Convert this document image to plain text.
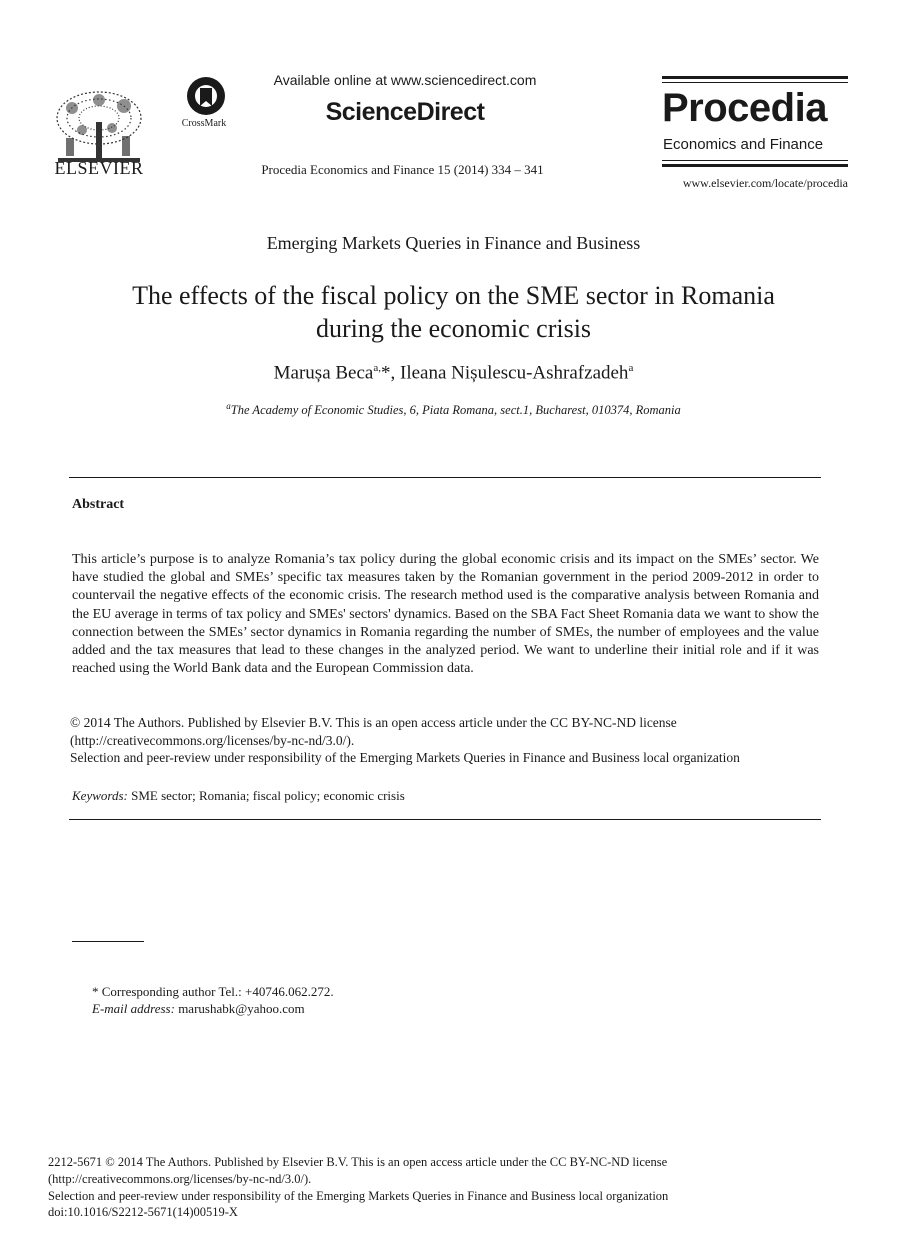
ELSEVIER
CrossMark
Available online at www.sciencedirect.com
ScienceDirect
Procedia Economics and Finance 15 (2014) 334 – 341
Procedia
Economics and Finance
www.elsevier.com/locate/procedia
Emerging Markets Queries in Finance and Business
The effects of the fiscal policy on the SME sector in Romania
during the economic crisis
Marușa Beca$^{a,}$*, Ileana Nișulescu-Ashrafzadeh$^a$
$^a$The Academy of Economic Studies, 6, Piata Romana, sect.1, Bucharest, 010374, Romania
Abstract
This article’s purpose is to analyze Romania’s tax policy during the global economic crisis and its impact on the SMEs’ sector. We have studied the global and SMEs’ specific tax measures taken by the Romanian government in the period 2009-2012 in order to countervail the negative effects of the economic crisis. The research method used is the comparative analysis between Romania and the EU average in terms of tax policy and SMEs' sectors' dynamics. Based on the SBA Fact Sheet Romania data we want to show the connection between the SMEs’ sector dynamics in Romania regarding the number of SMEs, the number of employees and the value added and the tax measures that lead to these changes in the analyzed period. We want to underline their initial role and if it was reached using the World Bank data and the European Commission data.
© 2014 The Authors. Published by Elsevier B.V. This is an open access article under the CC BY-NC-ND license
(http://creativecommons.org/licenses/by-nc-nd/3.0/).
Selection and peer-review under responsibility of the Emerging Markets Queries in Finance and Business local organization
Keywords: SME sector; Romania; fiscal policy; economic crisis
* Corresponding author Tel.: +40746.062.272.
E-mail address: marushabk@yahoo.com
2212-5671 © 2014 The Authors. Published by Elsevier B.V. This is an open access article under the CC BY-NC-ND license
(http://creativecommons.org/licenses/by-nc-nd/3.0/).
Selection and peer-review under responsibility of the Emerging Markets Queries in Finance and Business local organization
doi:10.1016/S2212-5671(14)00519-X
